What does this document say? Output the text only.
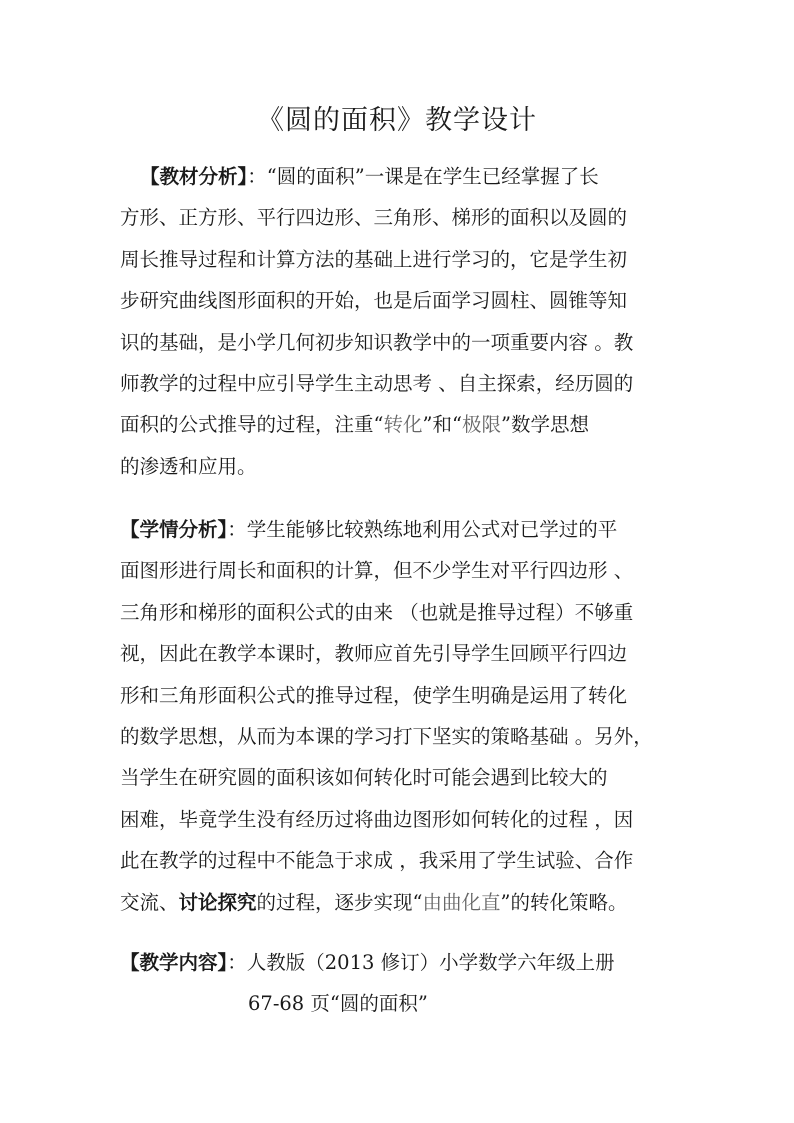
《圆的面积》教学设计
【教材分析】：“圆的面积”一课是在学生已经掌握了长
方形、正方形、平行四边形、三角形、梯形的面积以及圆的
周长推导过程和计算方法的基础上进行学习的，它是学生初
步研究曲线图形面积的开始，也是后面学习圆柱、圆锥等知
识的基础，是小学几何初步知识教学中的一项重要内容 。教
师教学的过程中应引导学生主动思考 、自主探索，经历圆的
面积的公式推导的过程，注重“转化”和“极限”数学思想
的渗透和应用。
【学情分析】：学生能够比较熟练地利用公式对已学过的平
面图形进行周长和面积的计算，但不少学生对平行四边形 、
三角形和梯形的面积公式的由来 （也就是推导过程）不够重
视，因此在教学本课时，教师应首先引导学生回顾平行四边
形和三角形面积公式的推导过程，使学生明确是运用了转化
的数学思想，从而为本课的学习打下坚实的策略基础 。另外，
当学生在研究圆的面积该如何转化时可能会遇到比较大的
困难，毕竟学生没有经历过将曲边图形如何转化的过程 ，因
此在教学的过程中不能急于求成 ，我采用了学生试验、合作
交流、讨论探究的过程，逐步实现“由曲化直”的转化策略。
【教学内容】：人教版（2013 修订）小学数学六年级上册
67-68 页“圆的面积”
